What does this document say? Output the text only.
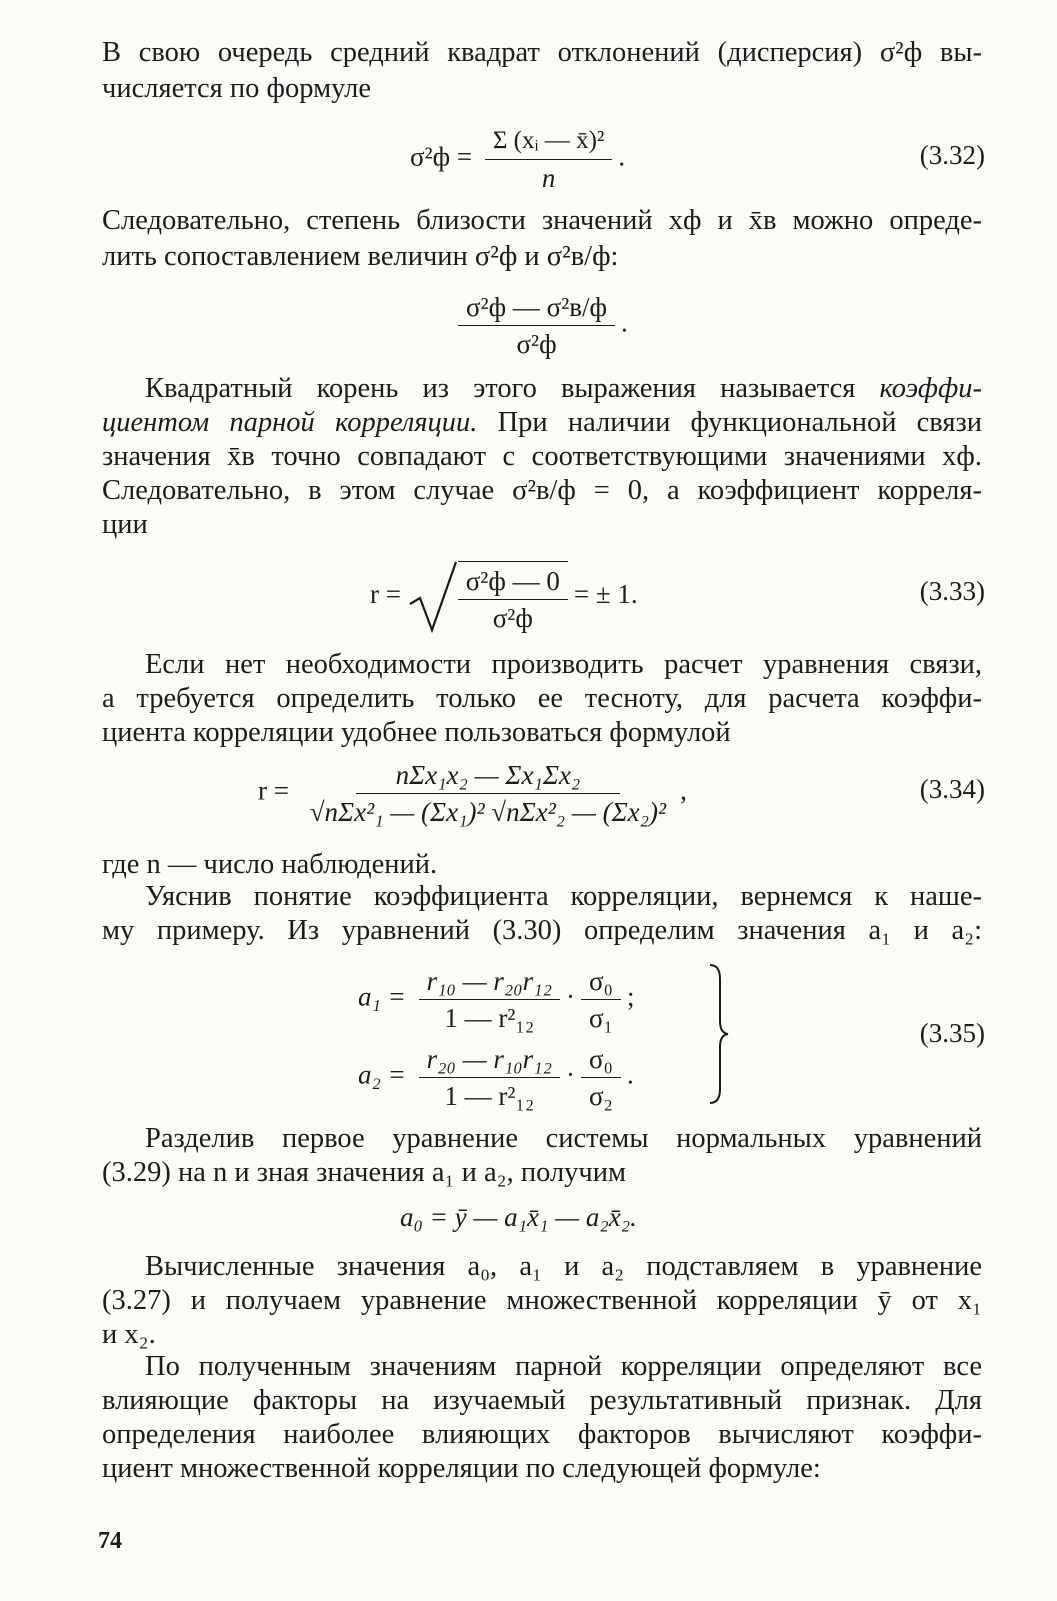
В свою очередь средний квадрат отклонений (дисперсия) σ²ф вы-
числяется по формуле
$\sigma^2ф = \frac{\text{Σ (xᵢ — x̄)²}}{n}$ .	(3.32)
Следовательно, степень близости значений xф и x̄в можно опреде-
лить сопоставлением величин σ²ф и σ²в/ф:
$\frac{\text{σ²ф — σ²в/ф}}{\text{σ²ф}}$ .
Квадратный корень из этого выражения называется коэффи-
циентом парной корреляции. При наличии функциональной связи
значения x̄в точно совпадают с соответствующими значениями xф.
Следовательно, в этом случае σ²в/ф = 0, а коэффициент корреля-
ции
$r = \frac{\text{σ²ф — 0}}{\text{σ²ф}}$ = ± 1.	(3.33)
Если нет необходимости производить расчет уравнения связи,
а требуется определить только ее тесноту, для расчета коэффи-
циента корреляции удобнее пользоваться формулой
$r = \frac{\text{nΣx₁x₂ — Σx₁Σx₂}}{\text{√nΣx²₁ — (Σx₁)² √nΣx²₂ — (Σx₂)²}}$ ,	(3.34)
где n — число наблюдений.
Уяснив понятие коэффициента корреляции, вернемся к наше-
му примеру. Из уравнений (3.30) определим значения a₁ и a₂:
$a_1 = \frac{\text{r₁₀ — r₂₀r₁₂}}{\text{1 — r²₁₂}} \cdot \frac{\text{σ₀}}{\text{σ₁}}$ ;
$a_2 = \frac{\text{r₂₀ — r₁₀r₁₂}}{\text{1 — r²₁₂}} \cdot \frac{\text{σ₀}}{\text{σ₂}}$ .
(3.35)
Разделив первое уравнение системы нормальных уравнений
(3.29) на n и зная значения a₁ и a₂, получим
a₀ = ȳ — a₁x̄₁ — a₂x̄₂.
Вычисленные значения a₀, a₁ и a₂ подставляем в уравнение
(3.27) и получаем уравнение множественной корреляции ȳ от x₁
и x₂.
По полученным значениям парной корреляции определяют все
влияющие факторы на изучаемый результативный признак. Для
определения наиболее влияющих факторов вычисляют коэффи-
циент множественной корреляции по следующей формуле:
74
